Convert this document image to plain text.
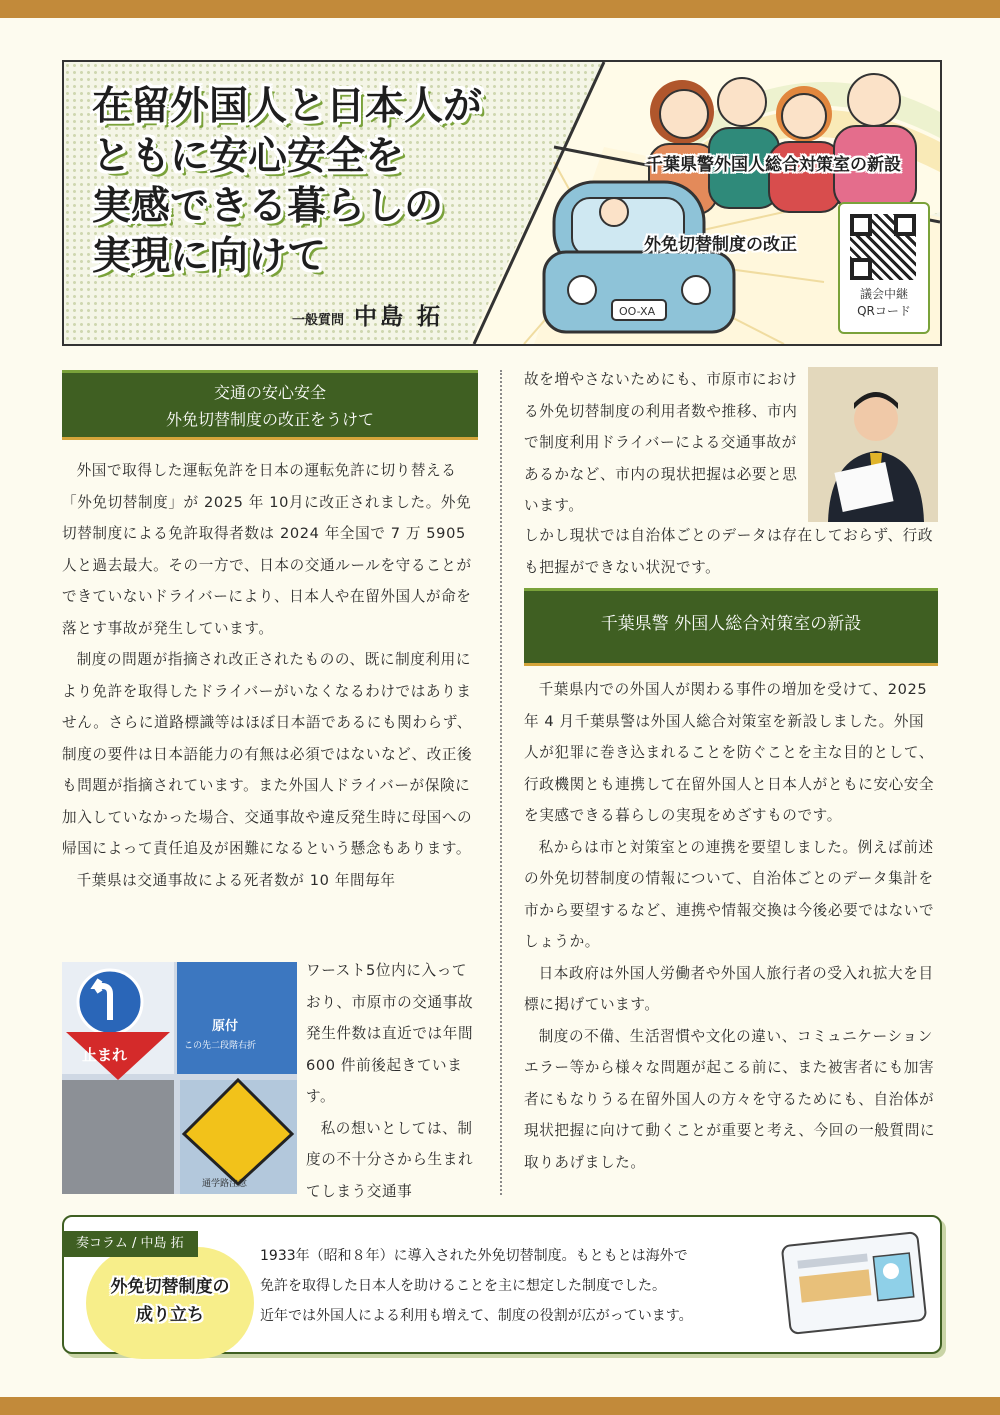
OO-XA
在留外国人と日本人が
ともに安心安全を
実感できる暮らしの
実現に向けて
一般質問 中島 拓
千葉県警外国人総合対策室の新設
外免切替制度の改正
議会中継
QRコード
交通の安心安全
外免切替制度の改正をうけて

外国で取得した運転免許を日本の運転免許に切り替える「外免切替制度」が 2025 年 10月に改正されました。外免切替制度による免許取得者数は 2024 年全国で 7 万 5905 人と過去最大。その一方で、日本の交通ルールを守ることができていないドライバーにより、日本人や在留外国人が命を落とす事故が発生しています。

制度の問題が指摘され改正されたものの、既に制度利用により免許を取得したドライバーがいなくなるわけではありません。さらに道路標識等はほぼ日本語であるにも関わらず、制度の要件は日本語能力の有無は必須ではないなど、改正後も問題が指摘されています。また外国人ドライバーが保険に加入していなかった場合、交通事故や違反発生時に母国への帰国によって責任追及が困難になるという懸念もあります。

千葉県は交通事故による死者数が 10 年間毎年

止まれ
原付
この先二段階右折
通学路注意
ワースト5位内に入っており、市原市の交通事故発生件数は直近では年間 600 件前後起きています。

私の想いとしては、制度の不十分さから生まれてしまう交通事

故を増やさないためにも、市原市における外免切替制度の利用者数や推移、市内で制度利用ドライバーによる交通事故があるかなど、市内の現状把握は必要と思います。
しかし現状では自治体ごとのデータは存在しておらず、行政も把握ができない状況です。
千葉県警 外国人総合対策室の新設

千葉県内での外国人が関わる事件の増加を受けて、2025 年 4 月千葉県警は外国人総合対策室を新設しました。外国人が犯罪に巻き込まれることを防ぐことを主な目的として、行政機関とも連携して在留外国人と日本人がともに安心安全を実感できる暮らしの実現をめざすものです。

私からは市と対策室との連携を要望しました。例えば前述の外免切替制度の情報について、自治体ごとのデータ集計を市から要望するなど、連携や情報交換は今後必要ではないでしょうか。

日本政府は外国人労働者や外国人旅行者の受入れ拡大を目標に掲げています。

制度の不備、生活習慣や文化の違い、コミュニケーションエラー等から様々な問題が起こる前に、また被害者にも加害者にもなりうる在留外国人の方々を守るためにも、自治体が現状把握に向けて動くことが重要と考え、今回の一般質問に取りあげました。

奏コラム / 中島 拓
外免切替制度の
成り立ち
1933年（昭和８年）に導入された外免切替制度。もともとは海外で
免許を取得した日本人を助けることを主に想定した制度でした。
近年では外国人による利用も増えて、制度の役割が広がっています。
